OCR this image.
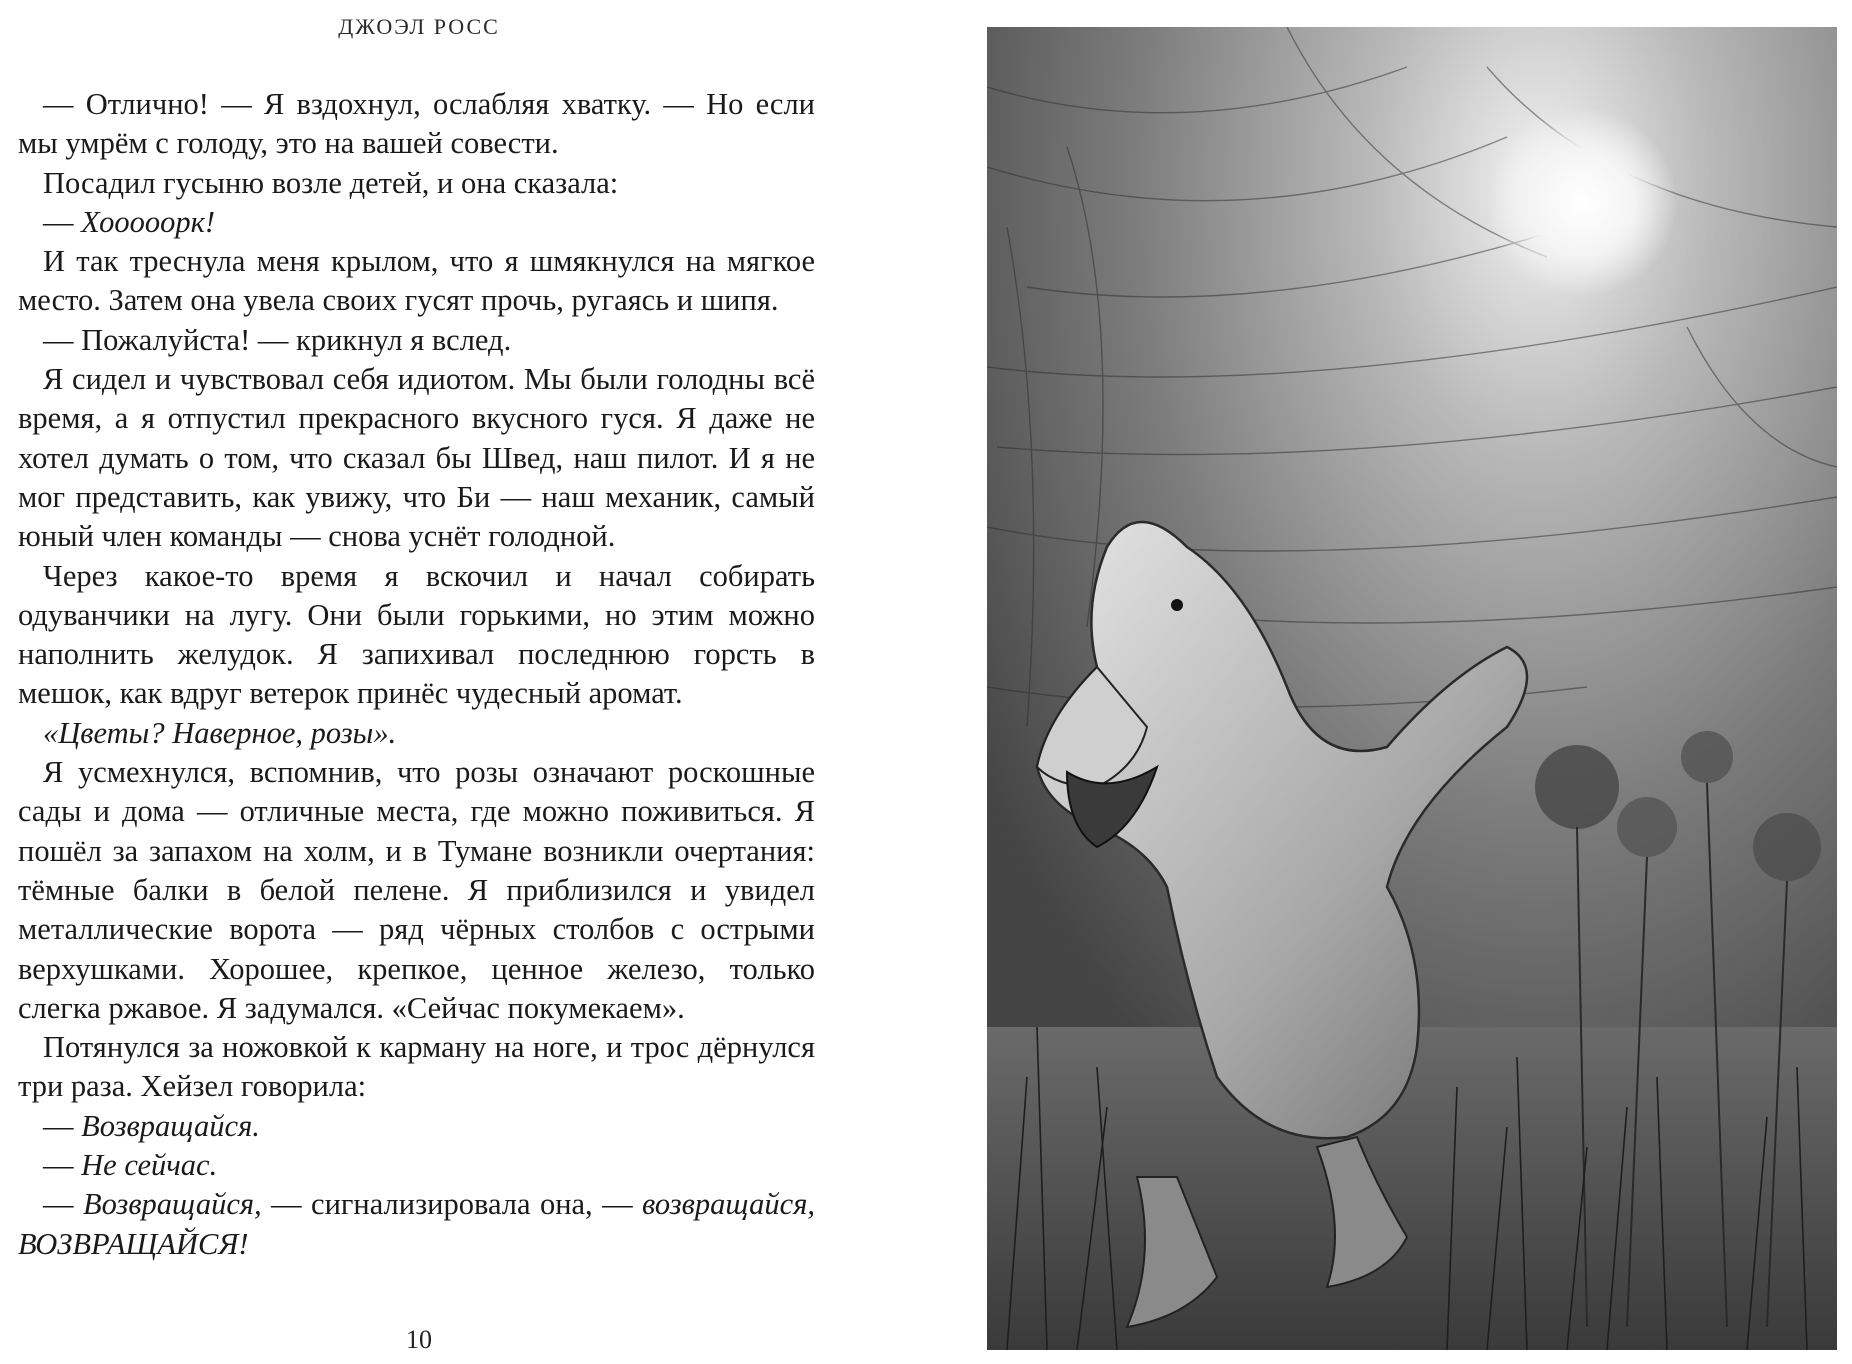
ДЖОЭЛ РОСС

— Отлично! — Я вздохнул, ослабляя хватку. — Но если мы умрём с голоду, это на вашей совести.

Посадил гусыню возле детей, и она сказала:

— Хооооорк!

И так треснула меня крылом, что я шмякнулся на мягкое место. Затем она увела своих гусят прочь, ругаясь и шипя.

— Пожалуйста! — крикнул я вслед.

Я сидел и чувствовал себя идиотом. Мы были голодны всё время, а я отпустил прекрасного вкусного гуся. Я даже не хотел думать о том, что сказал бы Швед, наш пилот. И я не мог представить, как увижу, что Би — наш механик, самый юный член команды — снова уснёт голодной.

Через какое-то время я вскочил и начал собирать одуванчики на лугу. Они были горькими, но этим можно наполнить желудок. Я запихивал последнюю горсть в мешок, как вдруг ветерок принёс чудесный аромат.

«Цветы? Наверное, розы».

Я усмехнулся, вспомнив, что розы означают роскошные сады и дома — отличные места, где можно поживиться. Я пошёл за запахом на холм, и в Тумане возникли очертания: тёмные балки в белой пелене. Я приблизился и увидел металлические ворота — ряд чёрных столбов с острыми верхушками. Хорошее, крепкое, ценное железо, только слегка ржавое. Я задумался. «Сейчас покумекаем».

Потянулся за ножовкой к карману на ноге, и трос дёрнулся три раза. Хейзел говорила:

— Возвращайся.

— Не сейчас.

— Возвращайся, — сигнализировала она, — возвращайся, ВОЗВРАЩАЙСЯ!

10
